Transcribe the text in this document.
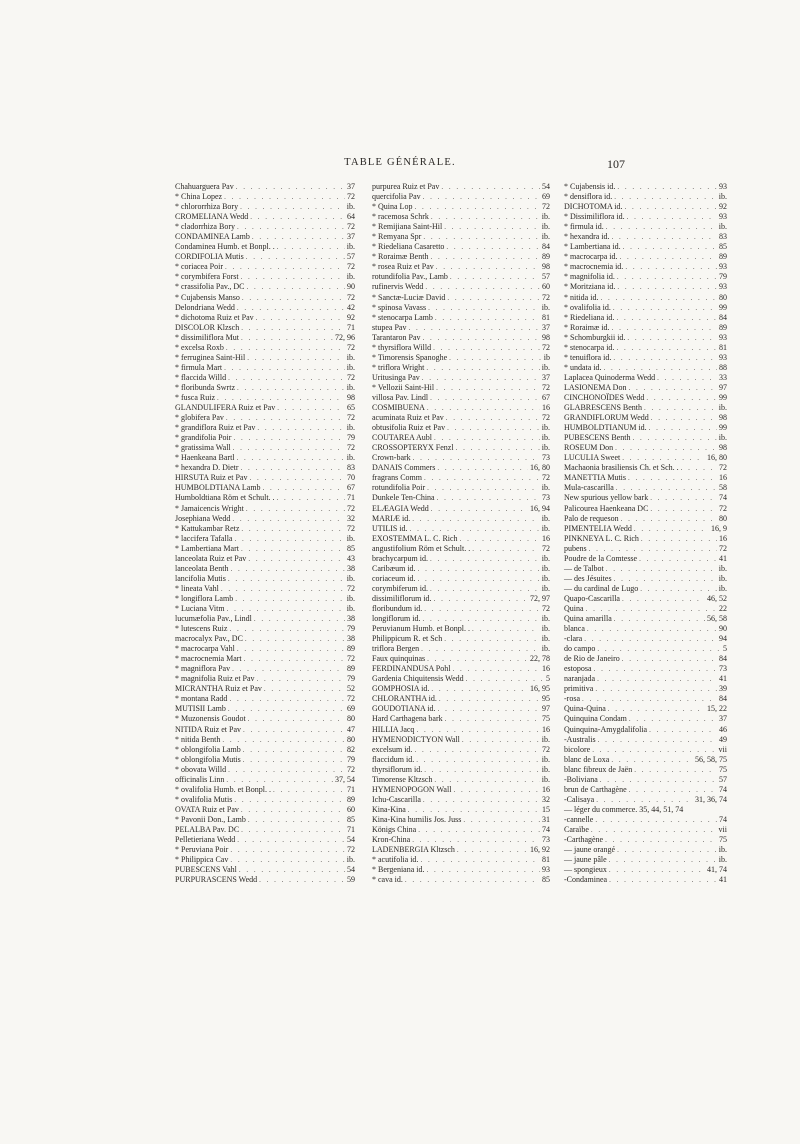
TABLE GÉNÉRALE.	107
Chahuarguera Pav . . .	37
* China Lopez . . .	72
* chlororrhiza Bory . . .	ib.
CROMELIANA Wedd . . .	64
* cladorrhiza Bory . . .	72
CONDAMINEA Lamb . . .	37
Condaminea Humb. et Bonpl. . . . .	ib.
CORDIFOLIA Mutis . . .	57
* coriacea Poir . . .	72
* corymbifera Forst . . .	ib.
* crassifolia Pav., DC . . .	90
* Cujabensis Manso . . .	72
Delondriana Wedd . . .	42
* dichotoma Ruiz et Pav . . .	92
DISCOLOR Klzsch . . .	71
* dissimiliflora Mut . . .	72, 96
* excelsa Roxb . . .	72
* ferruginea Saint-Hil . . .	ib.
* firmula Mart . . .	ib.
* flaccida Willd . . .	72
* floribunda Swrtz . . .	ib.
* fusca Ruiz . . .	98
GLANDULIFERA Ruiz et Pav . . .	65
* globifera Pav . . .	72
* grandiflora Ruiz et Pav . . .	ib.
* grandifolia Poir . . .	79
* gratissima Wall . . .	72
* Haenkeana Bartl . . .	ib.
* hexandra D. Dietr . . .	83
HIRSUTA Ruiz et Pav . . .	70
HUMBOLDTIANA Lamb . . .	67
Humboldtiana Röm et Schult. . . . .	71
* Jamaicencis Wright . . .	72
Josephiana Wedd . . .	32
* Kattukambar Retz . . .	72
* laccifera Tafalla . . .	ib.
* Lambertiana Mart . . .	85
lanceolata Ruiz et Pav . . .	43
lanceolata Benth . . .	38
lancifolia Mutis . . .	ib.
* lineata Vahl . . .	72
* longiflora Lamb . . .	ib.
* Luciana Vitm . . .	ib.
lucumæfolia Pav., Lindl . . .	38
* lutescens Ruiz . . .	79
macrocalyx Pav., DC . . .	38
* macrocarpa Vahl . . .	89
* macrocnemia Mart . . .	72
* magniflora Pav . . .	89
* magnifolia Ruiz et Pav . . .	79
MICRANTHA Ruiz et Pav . . .	52
* montana Radd . . .	72
MUTISII Lamb . . .	69
* Muzonensis Goudot . . .	80
NITIDA Ruiz et Pav . . .	47
* nitida Benth . . .	80
* oblongifolia Lamb . . .	82
* oblongifolia Mutis . . .	79
* obovata Willd . . .	72
officinalis Linn . . .	37, 54
* ovalifolia Humb. et Bonpl. . . . .	71
* ovalifolia Mutis . . .	89
OVATA Ruiz et Pav . . .	60
* Pavonii Don., Lamb . . .	85
PELALBA Pav. DC . . .	71
Pelletieriana Wedd . . .	54
* Peruviana Poir . . .	72
* Philippica Cav . . .	ib.
PUBESCENS Vahl . . .	54
PURPURASCENS Wedd . . .	59
purpurea Ruiz et Pav . . .	54
quercifolia Pav . . .	69
* Quina Lop . . .	72
* racemosa Schrk . . .	ib.
* Remijiana Saint-Hil . . .	ib.
* Remyana Spr . . .	ib.
* Riedeliana Casaretto . . .	84
* Roraimæ Benth . . .	89
* rosea Ruiz et Pav . . .	98
rotundifolia Pav., Lamb . . .	57
rufinervis Wedd . . .	60
* Sanctæ-Luciæ David . . .	72
* spinosa Vavass . . .	ib.
* stenocarpa Lamb . . .	81
stupea Pav . . .	37
Tarantaron Pav . . .	98
* thyrsiflora Willd . . .	72
* Timorensis Spanoghe . . .	ib
* triflora Wright . . .	ib.
Uritusinga Pav . . .	37
* Vellozii Saint-Hil . . .	72
villosa Pav. Lindl . . .	67
COSMIBUENA . . .	16
acuminata Ruiz et Pav . . .	72
obtusifolia Ruiz et Pav . . .	ib.
COUTAREA Aubl . . .	ib.
CROSSOPTERYX Fenzl . . .	ib.
Crown-bark . . .	73
DANAIS Commers . . .	16, 80
fragrans Comm . . .	72
rotundifolia Poir . . .	ib.
Dunkele Ten-China . . .	73
ELÆAGIA Wedd . . .	16, 94
MARIÆ id. . . .	ib.
UTILIS id. . . .	ib.
EXOSTEMMA L. C. Rich . . .	16
angustifolium Röm et Schult. . . . .	72
brachycarpum id. . . .	ib.
Caribæum id. . . .	ib.
coriaceum id. . . .	ib.
corymbiferum id. . . .	ib.
dissimiliflorum id. . . .	72, 97
floribundum id. . . .	72
longiflorum id. . . .	ib.
Peruvianum Humb. et Bonpl. . . . .	ib.
Philippicum R. et Sch . . .	ib.
triflora Bergen . . .	ib.
Faux quinquinas . . .	22, 78
FERDINANDUSA Pohl . . .	16
Gardenia Chiquitensis Wedd . . .	5
GOMPHOSIA id. . . .	16, 95
CHLORANTHA id. . . .	95
GOUDOTIANA id. . . .	97
Hard Carthagena bark . . .	75
HILLIA Jacq . . .	16
HYMENODICTYON Wall . . .	ib.
excelsum id. . . .	72
flaccidum id. . . .	ib.
thyrsiflorum id. . . .	ib.
Timorense Kltzsch . . .	ib.
HYMENOPOGON Wall . . .	16
Ichu-Cascarilla . . .	32
Kina-Kina . . .	15
Kina-Kina humilis Jos. Juss . . .	31
Königs China . . .	74
Kron-China . . .	73
LADENBERGIA Kltzsch . . .	16, 92
* acutifolia id. . . .	81
* Bergeniana id. . . .	93
* cava id. . . .	85
* Cujabensis id. . . .	93
* densiflora id. . . .	ib.
DICHOTOMA id. . . .	92
* Dissimiliflora id. . . .	93
* firmula id. . . .	ib.
* hexandra id. . . .	83
* Lambertiana id. . . .	85
* macrocarpa id. . . .	89
* macrocnemia id. . . .	93
* magnifolia id. . . .	79
* Moritziana id. . . .	93
* nitida id. . . .	80
* ovalifolia id. . . .	99
* Riedeliana id. . . .	84
* Roraimæ id. . . .	89
* Schomburgkii id. . . .	93
* stenocarpa id. . . .	81
* tenuiflora id. . . .	93
* undata id. . . .	88
Laplacea Quinoderma Wedd . . .	33
LASIONEMA Don . . .	97
CINCHONOÏDES Wedd . . .	99
GLABRESCENS Benth . . .	ib.
GRANDIFLORUM Wedd . . .	98
HUMBOLDTIANUM id. . . .	99
PUBESCENS Benth . . .	ib.
ROSEUM Don . . .	98
LUCULIA Sweet . . .	16, 80
Machaonia brasiliensis Ch. et Sch. . . . .	72
MANETTIA Mutis . . .	16
Mula-cascarilla . . .	58
New spurious yellow bark . . .	74
Palicourea Haenkeana DC . . .	72
Palo de requeson . . .	80
PIMENTELIA Wedd . . .	16, 9
PINKNEYA L. C. Rich . . .	16
pubens . . .	72
Poudre de la Comtesse . . .	41
— de Talbot . . .	ib.
— des Jésuites . . .	ib.
— du cardinal de Lugo . . .	ib.
Quapo-Cascarilla . . .	46, 52
Quina . . .	22
Quina amarilla . . .	56, 58
blanca . . .	90
-clara . . .	94
do campo . . .	5
de Rio de Janeiro . . .	84
estoposa . . .	73
naranjada . . .	41
primitiva . . .	39
-rosa . . .	84
Quina-Quina . . .	15, 22
Quinquina Condam . . .	37
Quinquina-Amygdalifolia . . .	46
-Australis . . .	49
bicolore . . .	vii
blanc de Loxa . . .	56, 58, 75
blanc fibreux de Jaën . . .	75
-Boliviana . . .	57
brun de Carthagène . . .	74
-Calisaya . . .	31, 36, 74
— léger du commerce. 35, 44, 51, 74
-cannelle . . .	74
Caraïbe . . .	vii
-Carthagène . . .	75
— jaune orangé . . .	ib.
— jaune pâle . . .	ib.
— spongieux . . .	41, 74
-Condaminea . . .	41
